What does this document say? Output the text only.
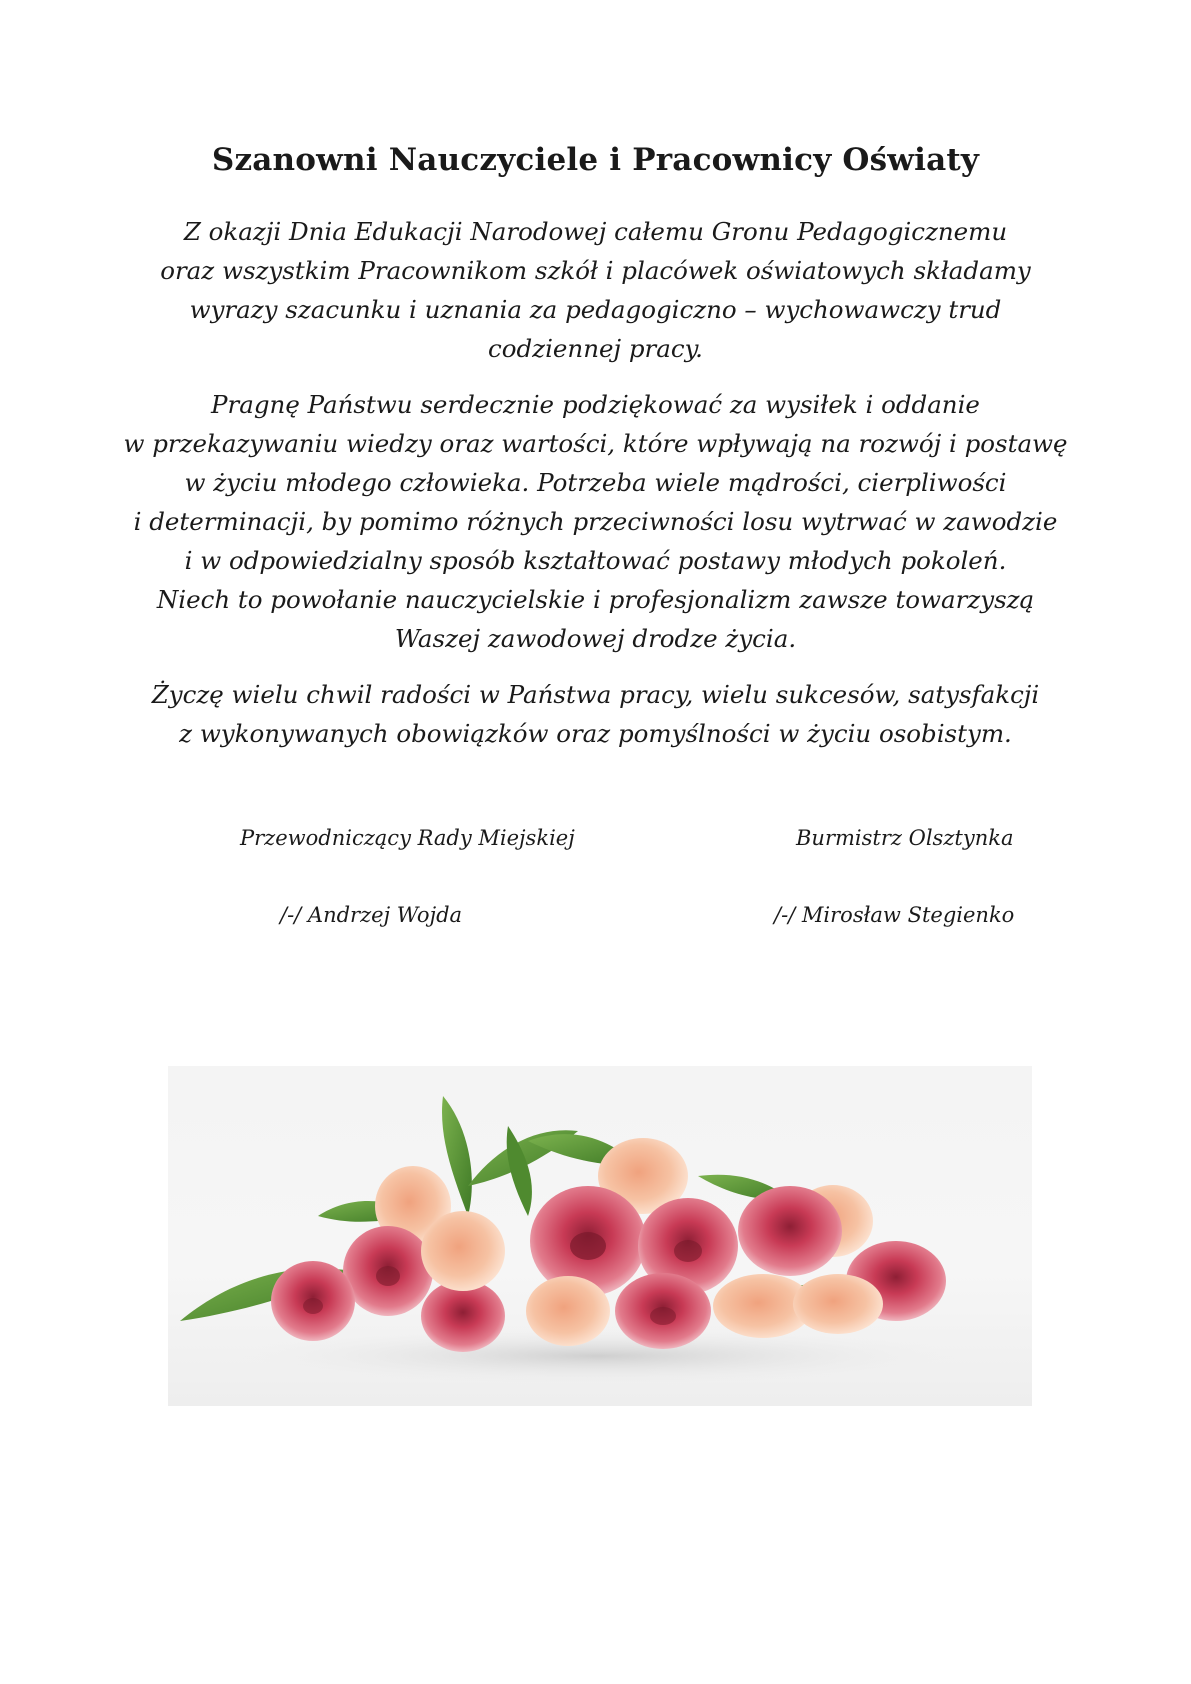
Szanowni Nauczyciele i Pracownicy Oświaty
Z okazji Dnia Edukacji Narodowej całemu Gronu Pedagogicznemu
oraz wszystkim Pracownikom szkół i placówek oświatowych składamy
wyrazy szacunku i uznania za pedagogiczno – wychowawczy trud
codziennej pracy.
Pragnę Państwu serdecznie podziękować za wysiłek i oddanie
w przekazywaniu wiedzy oraz wartości, które wpływają na rozwój i postawę
w życiu młodego człowieka. Potrzeba wiele mądrości, cierpliwości
i determinacji, by pomimo różnych przeciwności losu wytrwać w zawodzie
i w odpowiedzialny sposób kształtować postawy młodych pokoleń.
Niech to powołanie nauczycielskie i profesjonalizm zawsze towarzyszą
Waszej zawodowej drodze życia.
Życzę wielu chwil radości w Państwa pracy, wielu sukcesów, satysfakcji
z wykonywanych obowiązków oraz pomyślności w życiu osobistym.
Przewodniczący Rady Miejskiej
/-/ Andrzej Wojda
Burmistrz Olsztynka
/-/ Mirosław Stegienko
